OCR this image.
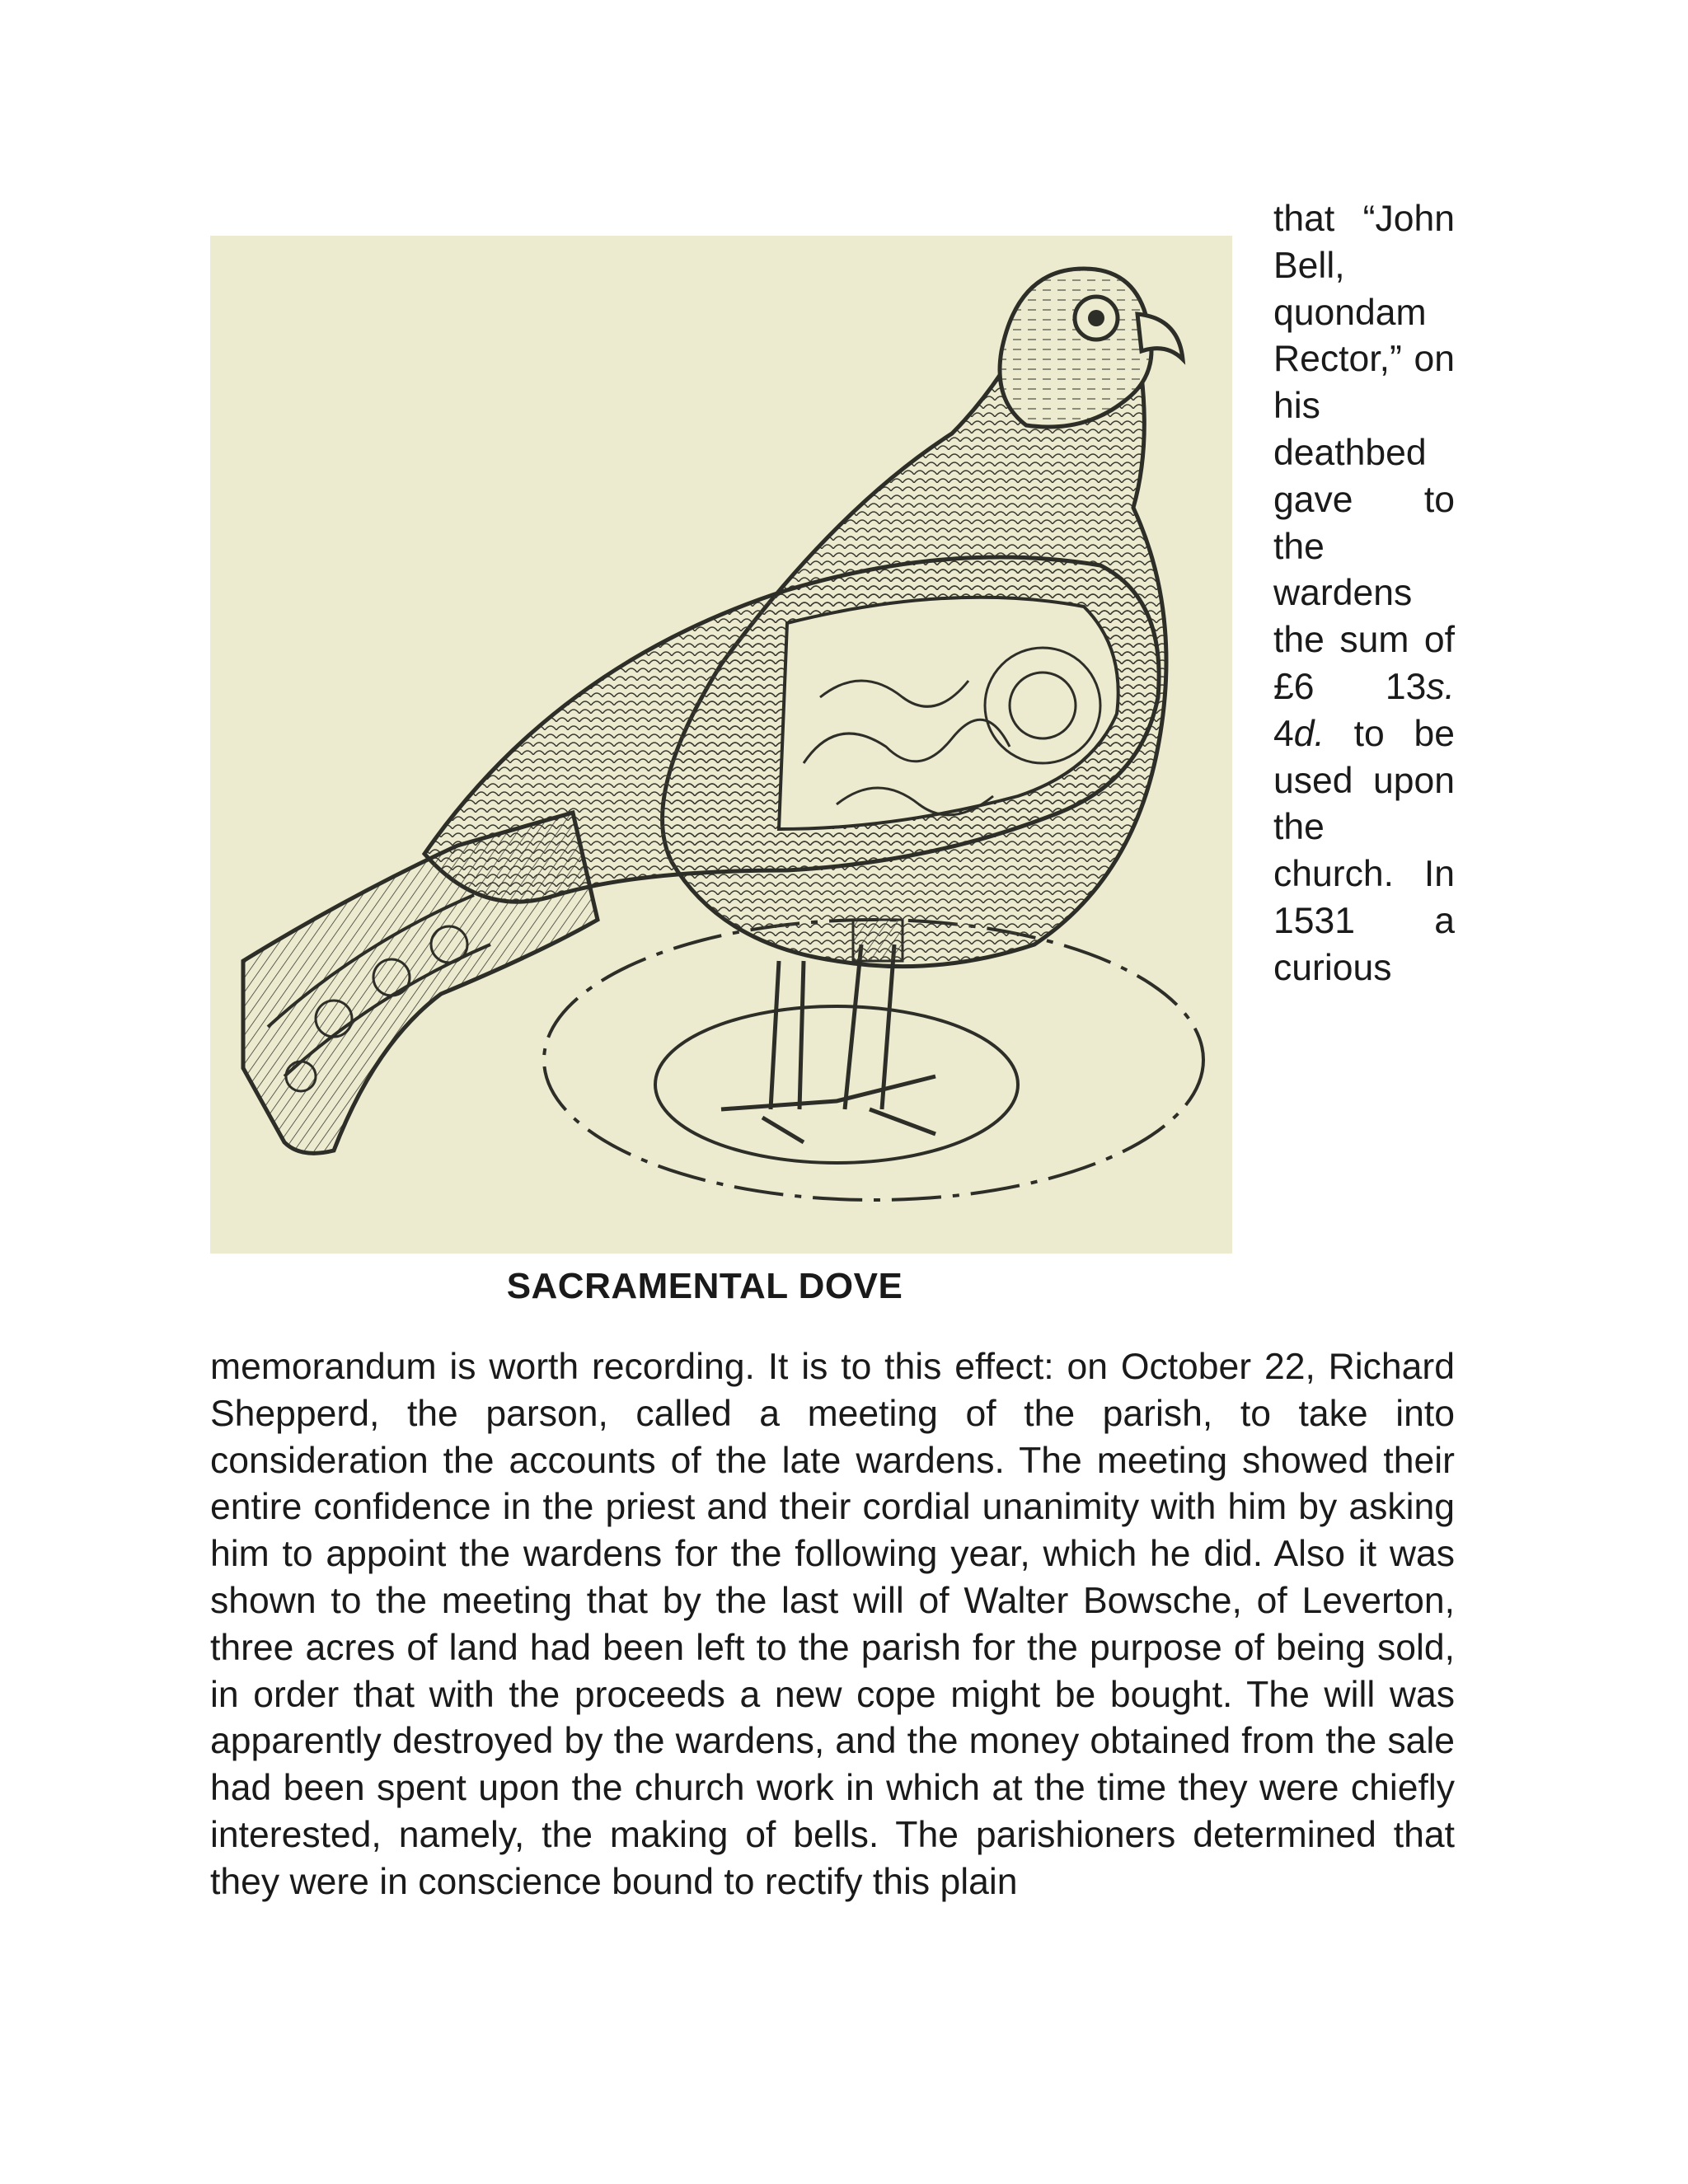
SACRAMENTAL DOVE

that “John Bell, quondam Rector,” on his deathbed gave to the wardens the sum of £6 13s. 4d. to be used upon the church. In 1531 a curious memorandum is worth recording. It is to this effect: on October 22, Richard Shepperd, the parson, called a meeting of the parish, to take into consideration the accounts of the late wardens. The meeting showed their entire confidence in the priest and their cordial unanimity with him by asking him to appoint the wardens for the following year, which he did. Also it was shown to the meeting that by the last will of Walter Bowsche, of Leverton, three acres of land had been left to the parish for the purpose of being sold, in order that with the proceeds a new cope might be bought. The will was apparently destroyed by the wardens, and the money obtained from the sale had been spent upon the church work in which at the time they were chiefly interested, namely, the making of bells. The parishioners determined that they were in conscience bound to rectify this plain
